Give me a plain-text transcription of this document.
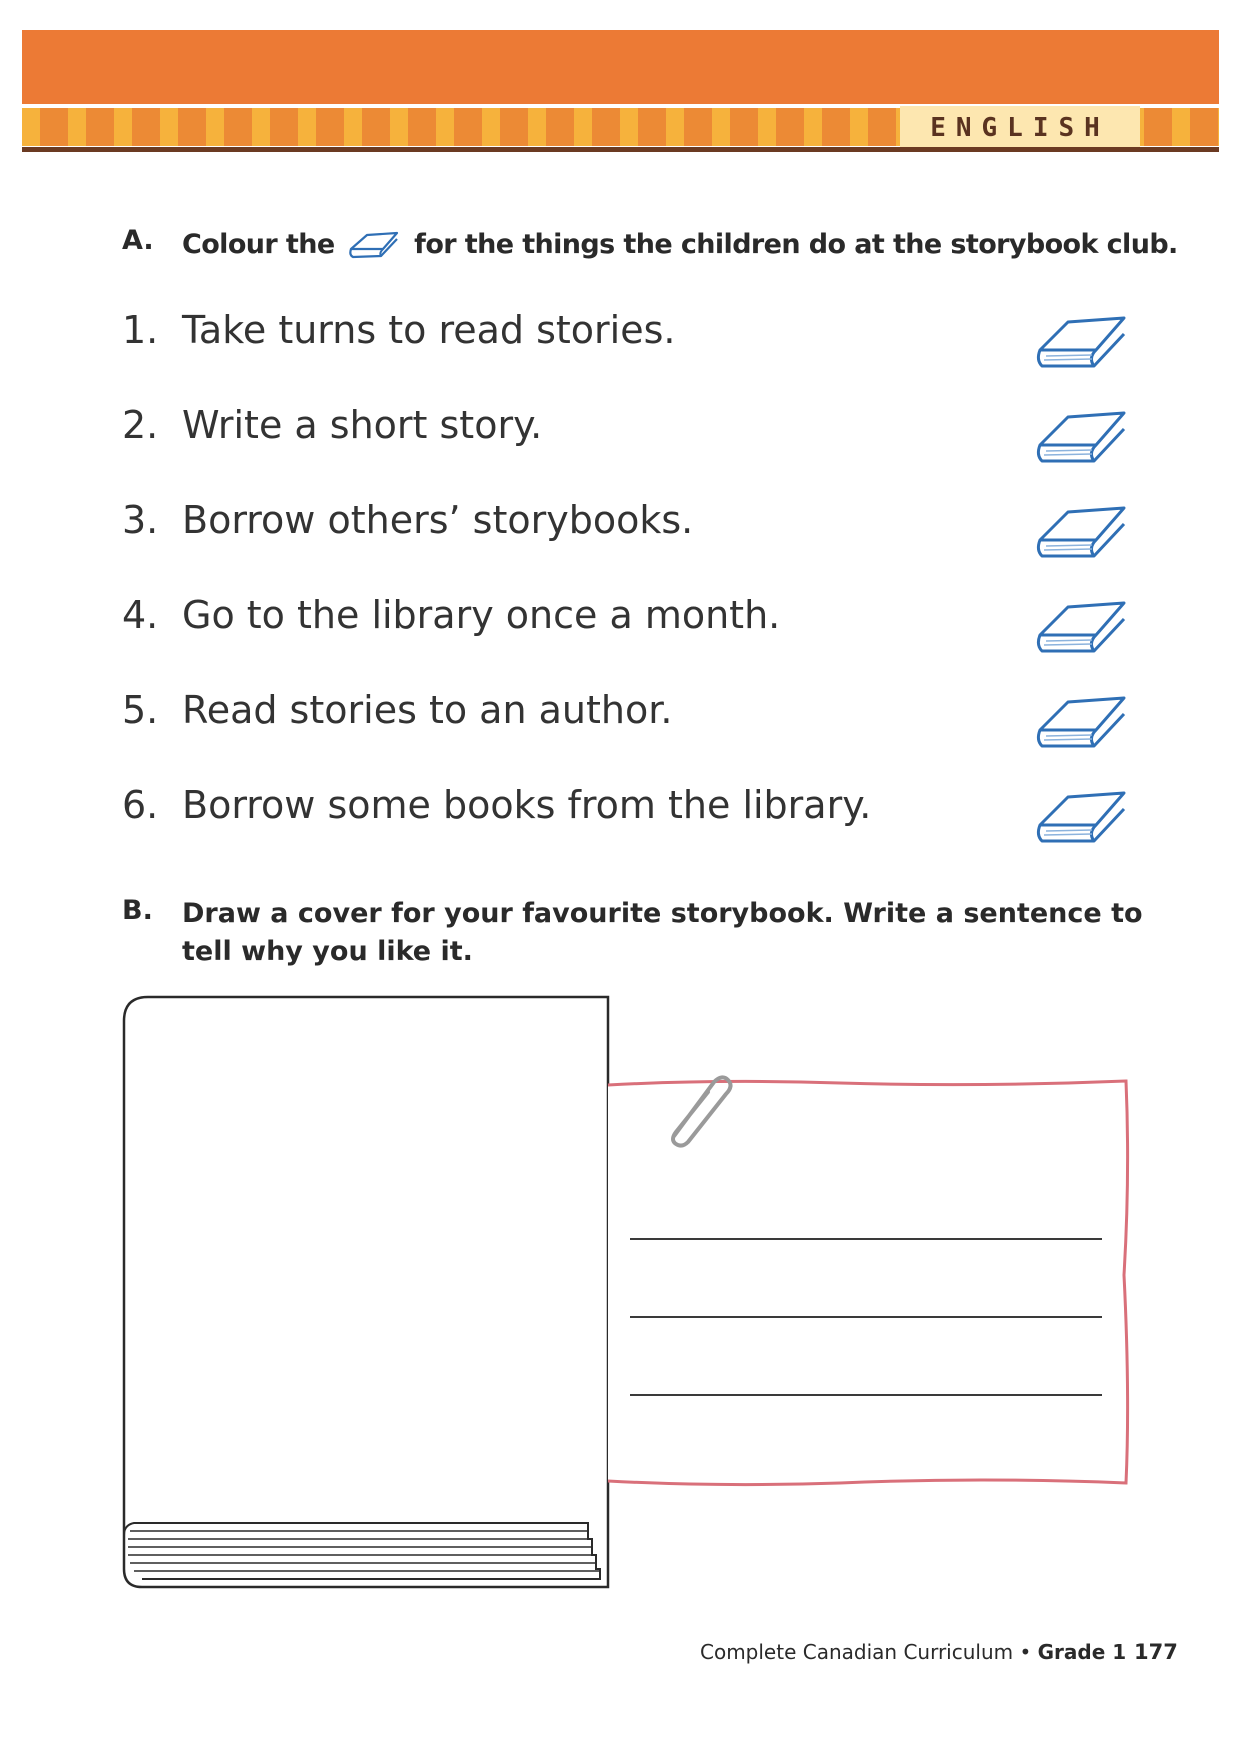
ENGLISH
A. Colour the	for the things the children do at the storybook club.
1. Take turns to read stories.
2. Write a short story.
3. Borrow others’ storybooks.
4. Go to the library once a month.
5. Read stories to an author.
6. Borrow some books from the library.
B. Draw a cover for your favourite storybook. Write a sentence to tell why you like it.
Complete Canadian Curriculum • Grade 1 177
